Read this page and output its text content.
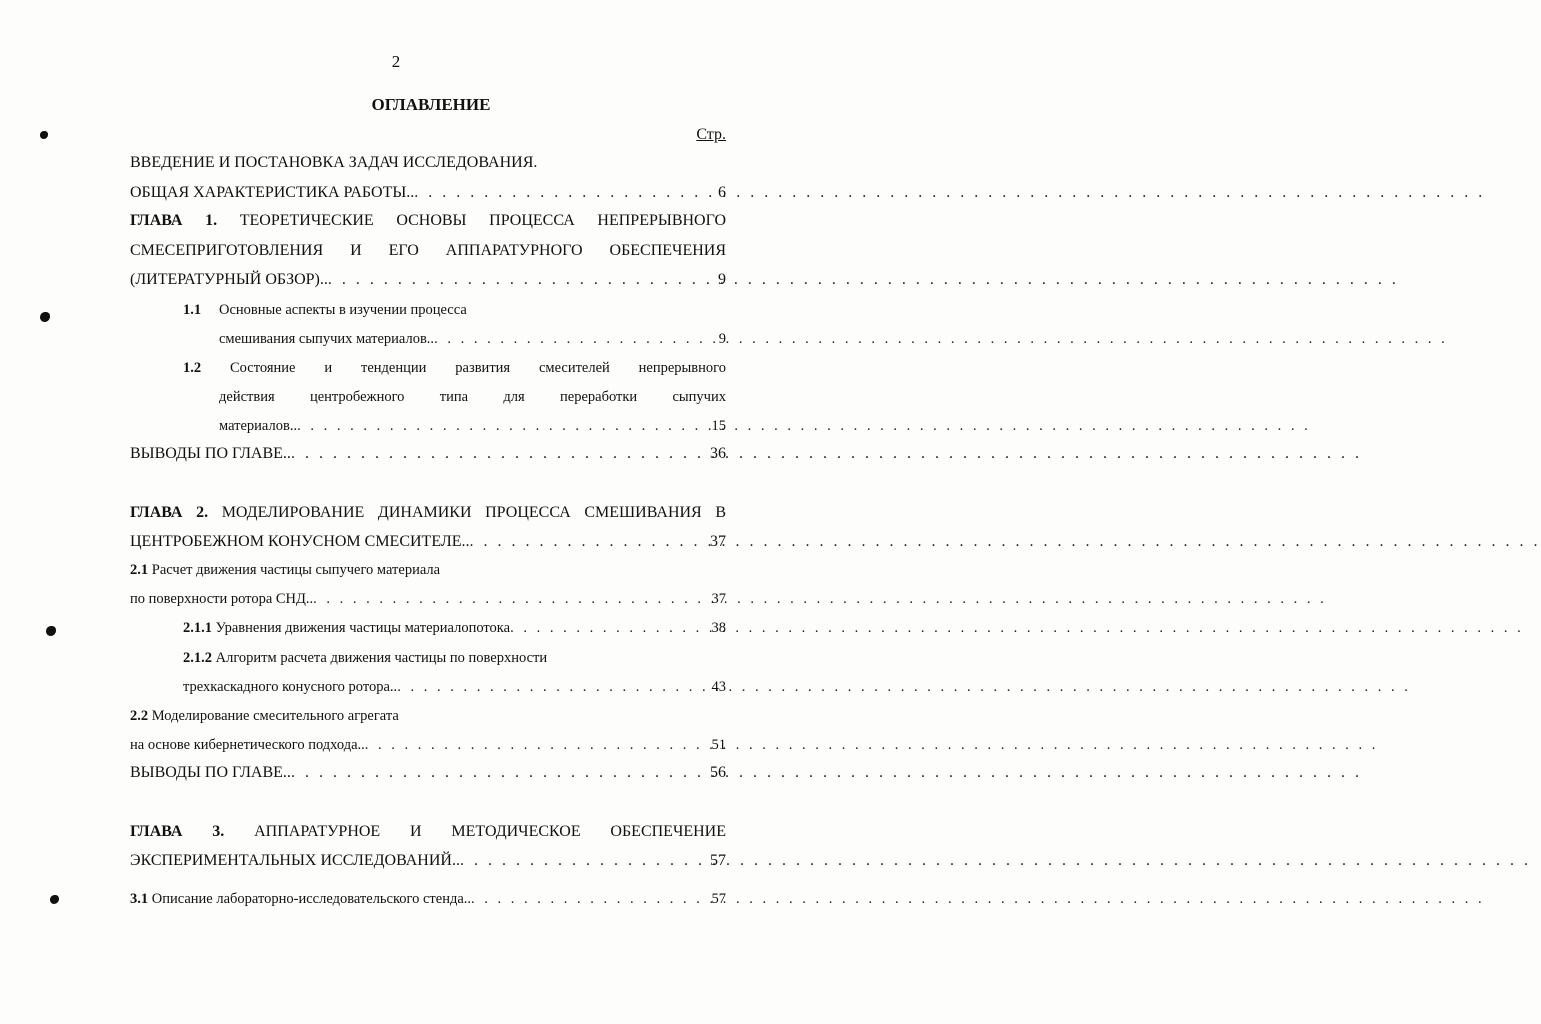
2
ОГЛАВЛЕНИЕ
Стр.
ВВЕДЕНИЕ И ПОСТАНОВКА ЗАДАЧ ИССЛЕДОВАНИЯ.
ОБЩАЯ ХАРАКТЕРИСТИКА РАБОТЫ.. . . .	6
ГЛАВА 1. ТЕОРЕТИЧЕСКИЕ ОСНОВЫ ПРОЦЕССА НЕПРЕРЫВНОГО
СМЕСЕПРИГОТОВЛЕНИЯ И ЕГО АППАРАТУРНОГО ОБЕСПЕЧЕНИЯ
(ЛИТЕРАТУРНЫЙ ОБЗОР).. . . .	9
1.1 Основные аспекты в изучении процесса
смешивания сыпучих материалов.. . . .	9
1.2 Состояние и тенденции развития смесителей непрерывного
действия центробежного типа для переработки сыпучих
материалов.. . . .	15
ВЫВОДЫ ПО ГЛАВЕ.. . . .	36
ГЛАВА 2. МОДЕЛИРОВАНИЕ ДИНАМИКИ ПРОЦЕССА СМЕШИВАНИЯ В
ЦЕНТРОБЕЖНОМ КОНУСНОМ СМЕСИТЕЛЕ.. . . .	37
2.1 Расчет движения частицы сыпучего материала
по поверхности ротора СНД.. . . .	37
2.1.1 Уравнения движения частицы материалопотока . . .	38
2.1.2 Алгоритм расчета движения частицы по поверхности
трехкаскадного конусного ротора.. . . .	43
2.2 Моделирование смесительного агрегата
на основе кибернетического подхода.. . . .	51
ВЫВОДЫ ПО ГЛАВЕ.. . . .	56
ГЛАВА 3. АППАРАТУРНОЕ И МЕТОДИЧЕСКОЕ ОБЕСПЕЧЕНИЕ
ЭКСПЕРИМЕНТАЛЬНЫХ ИССЛЕДОВАНИЙ.. . . .	57
3.1 Описание лабораторно-исследовательского стенда.. . . .	57
